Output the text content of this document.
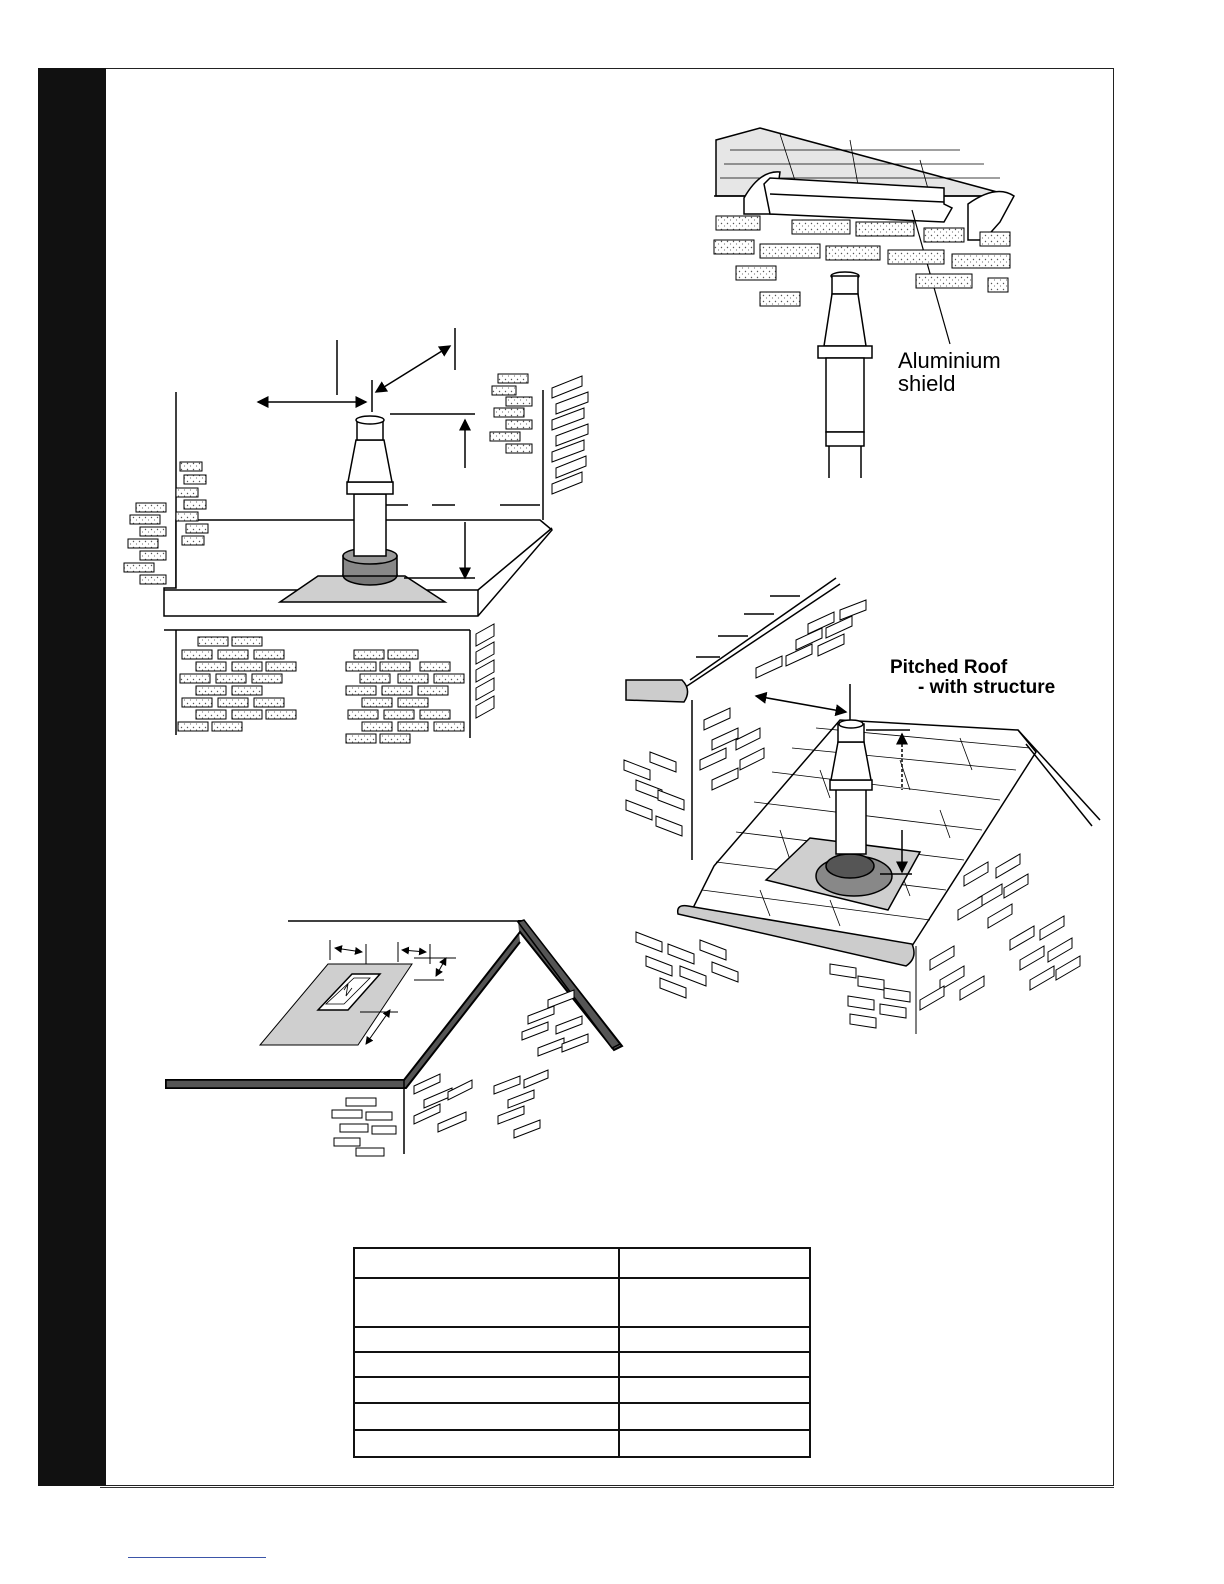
Aluminium
shield
Pitched Roof
- with structure
